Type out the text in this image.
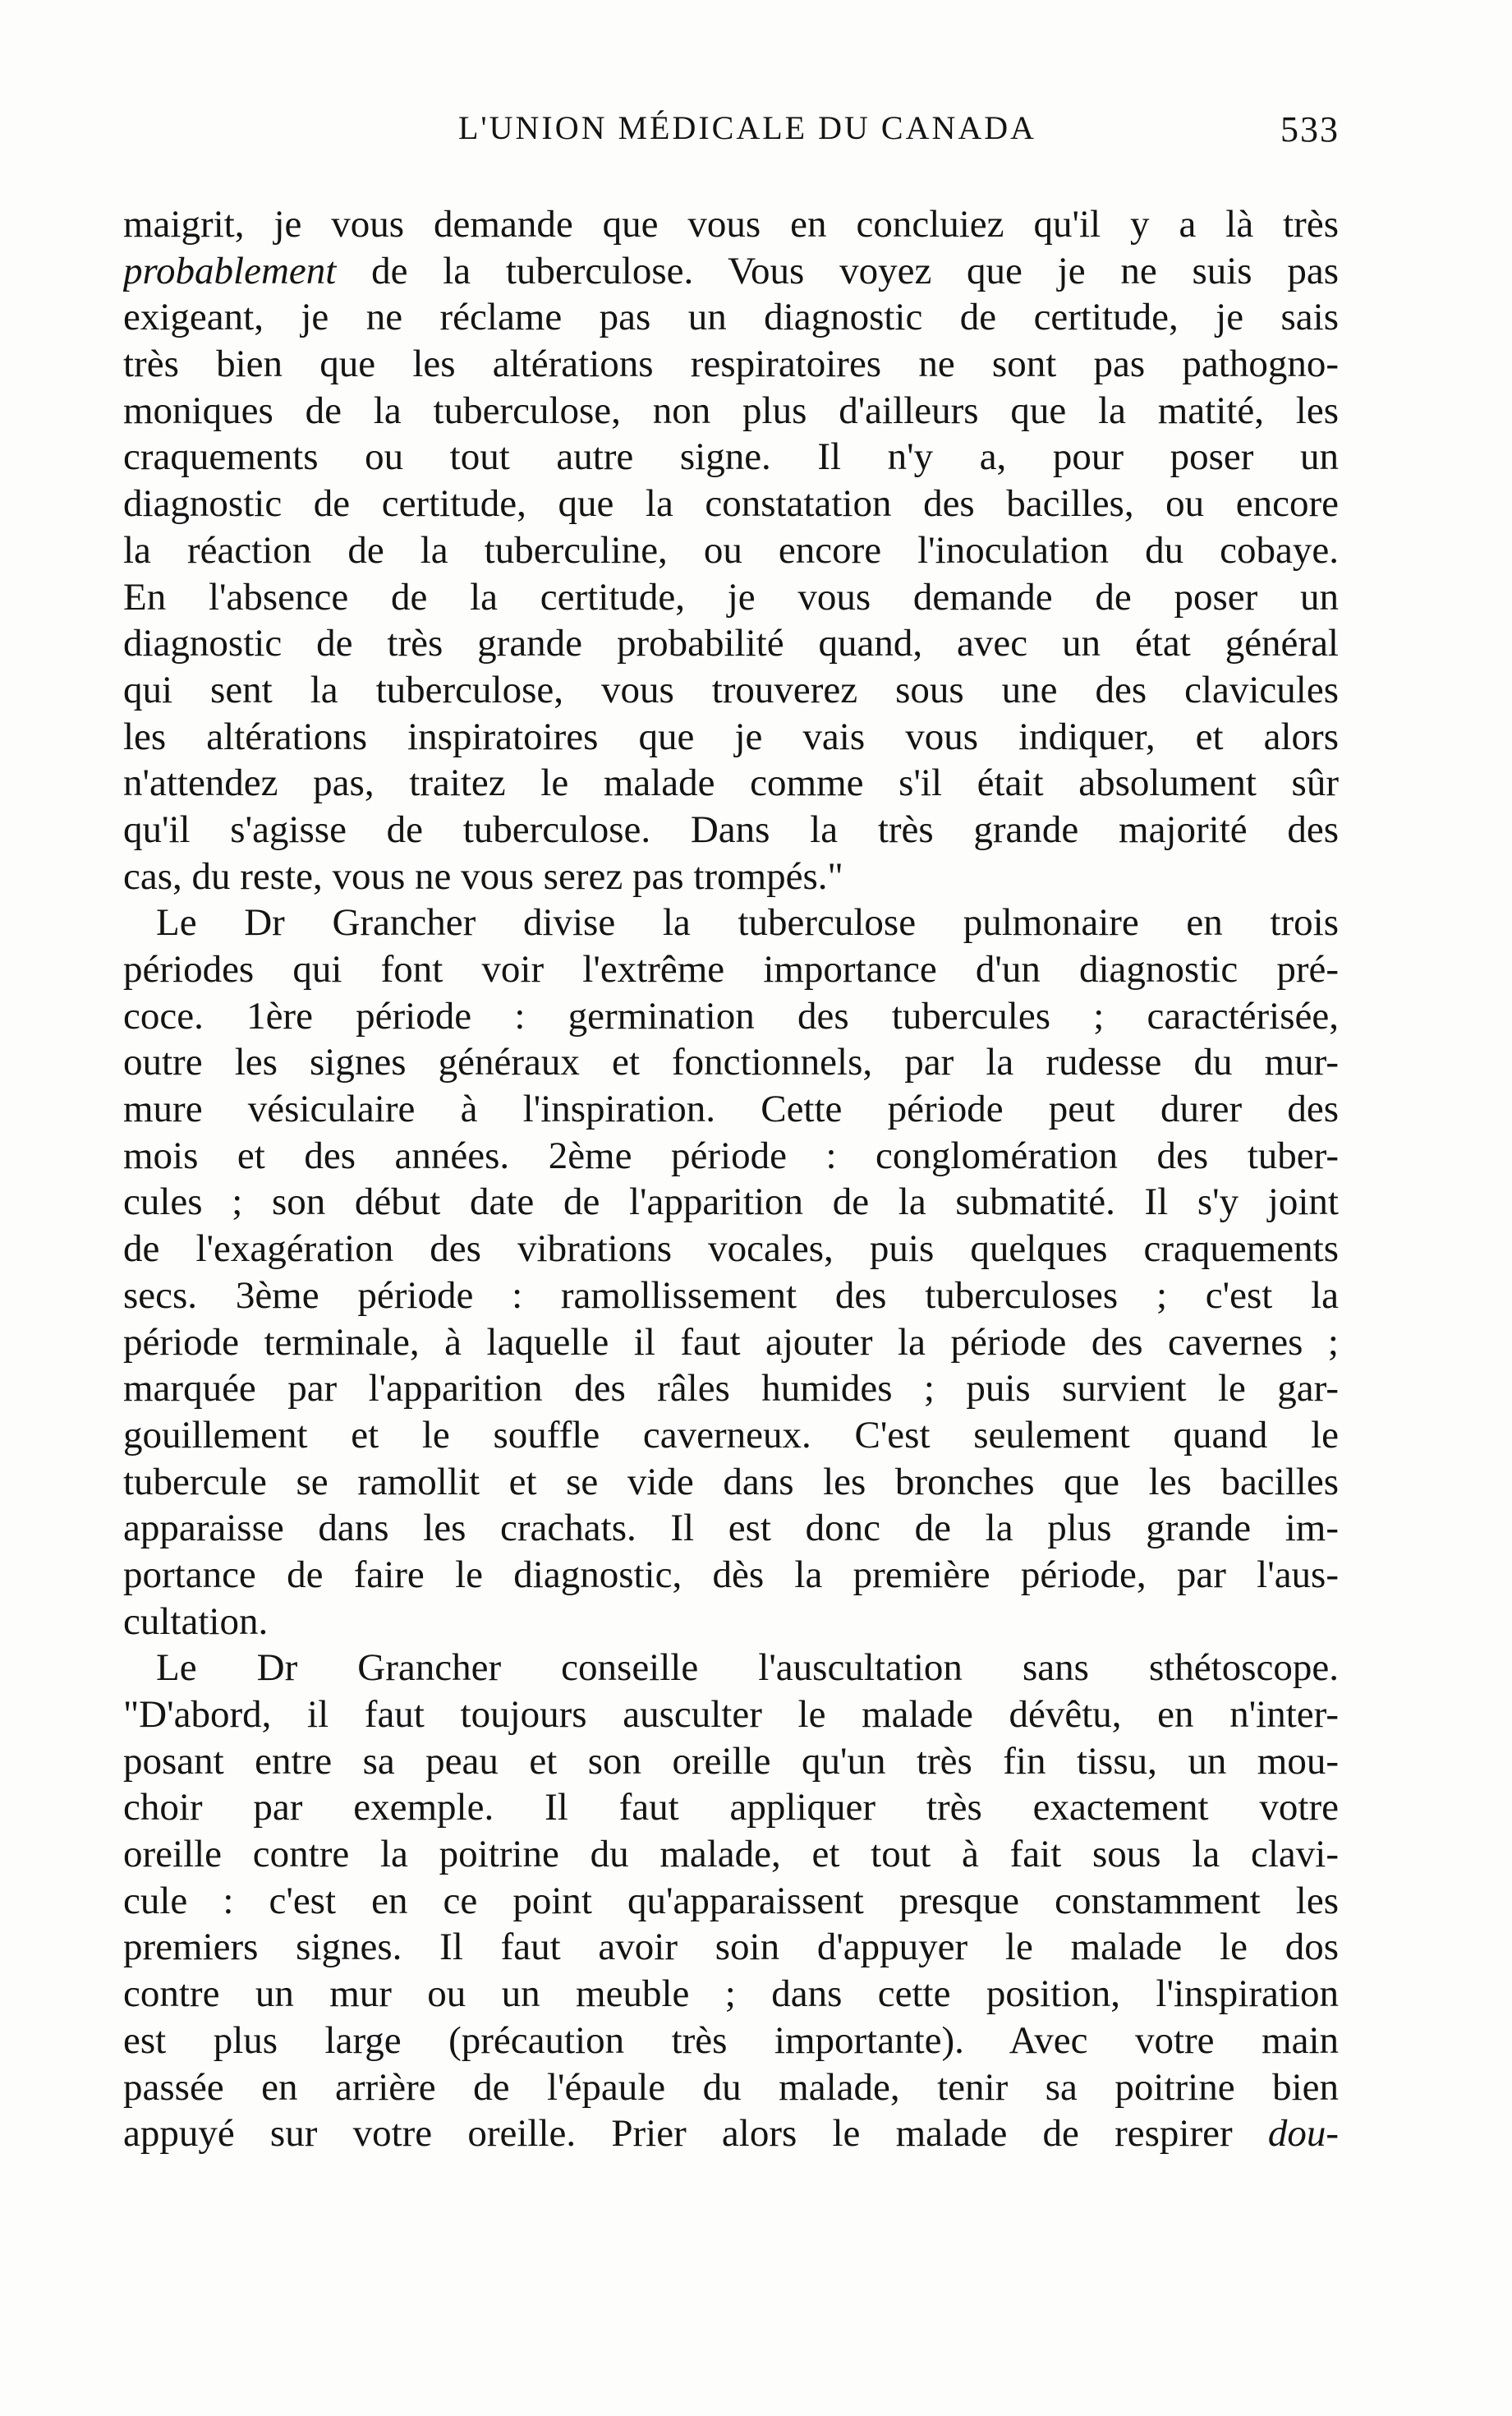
L'UNION MÉDICALE DU CANADA	533
maigrit, je vous demande que vous en concluiez qu'il y a là très
probablement de la tuberculose. Vous voyez que je ne suis pas
exigeant, je ne réclame pas un diagnostic de certitude, je sais
très bien que les altérations respiratoires ne sont pas pathogno-
moniques de la tuberculose, non plus d'ailleurs que la matité, les
craquements ou tout autre signe. Il n'y a, pour poser un
diagnostic de certitude, que la constatation des bacilles, ou encore
la réaction de la tuberculine, ou encore l'inoculation du cobaye.
En l'absence de la certitude, je vous demande de poser un
diagnostic de très grande probabilité quand, avec un état général
qui sent la tuberculose, vous trouverez sous une des clavicules
les altérations inspiratoires que je vais vous indiquer, et alors
n'attendez pas, traitez le malade comme s'il était absolument sûr
qu'il s'agisse de tuberculose. Dans la très grande majorité des
cas, du reste, vous ne vous serez pas trompés."
Le Dr Grancher divise la tuberculose pulmonaire en trois
périodes qui font voir l'extrême importance d'un diagnostic pré-
coce. 1ère période : germination des tubercules ; caractérisée,
outre les signes généraux et fonctionnels, par la rudesse du mur-
mure vésiculaire à l'inspiration. Cette période peut durer des
mois et des années. 2ème période : conglomération des tuber-
cules ; son début date de l'apparition de la submatité. Il s'y joint
de l'exagération des vibrations vocales, puis quelques craquements
secs. 3ème période : ramollissement des tuberculoses ; c'est la
période terminale, à laquelle il faut ajouter la période des cavernes ;
marquée par l'apparition des râles humides ; puis survient le gar-
gouillement et le souffle caverneux. C'est seulement quand le
tubercule se ramollit et se vide dans les bronches que les bacilles
apparaisse dans les crachats. Il est donc de la plus grande im-
portance de faire le diagnostic, dès la première période, par l'aus-
cultation.
Le Dr Grancher conseille l'auscultation sans sthétoscope.
"D'abord, il faut toujours ausculter le malade dévêtu, en n'inter-
posant entre sa peau et son oreille qu'un très fin tissu, un mou-
choir par exemple. Il faut appliquer très exactement votre
oreille contre la poitrine du malade, et tout à fait sous la clavi-
cule : c'est en ce point qu'apparaissent presque constamment les
premiers signes. Il faut avoir soin d'appuyer le malade le dos
contre un mur ou un meuble ; dans cette position, l'inspiration
est plus large (précaution très importante). Avec votre main
passée en arrière de l'épaule du malade, tenir sa poitrine bien
appuyé sur votre oreille. Prier alors le malade de respirer dou-
